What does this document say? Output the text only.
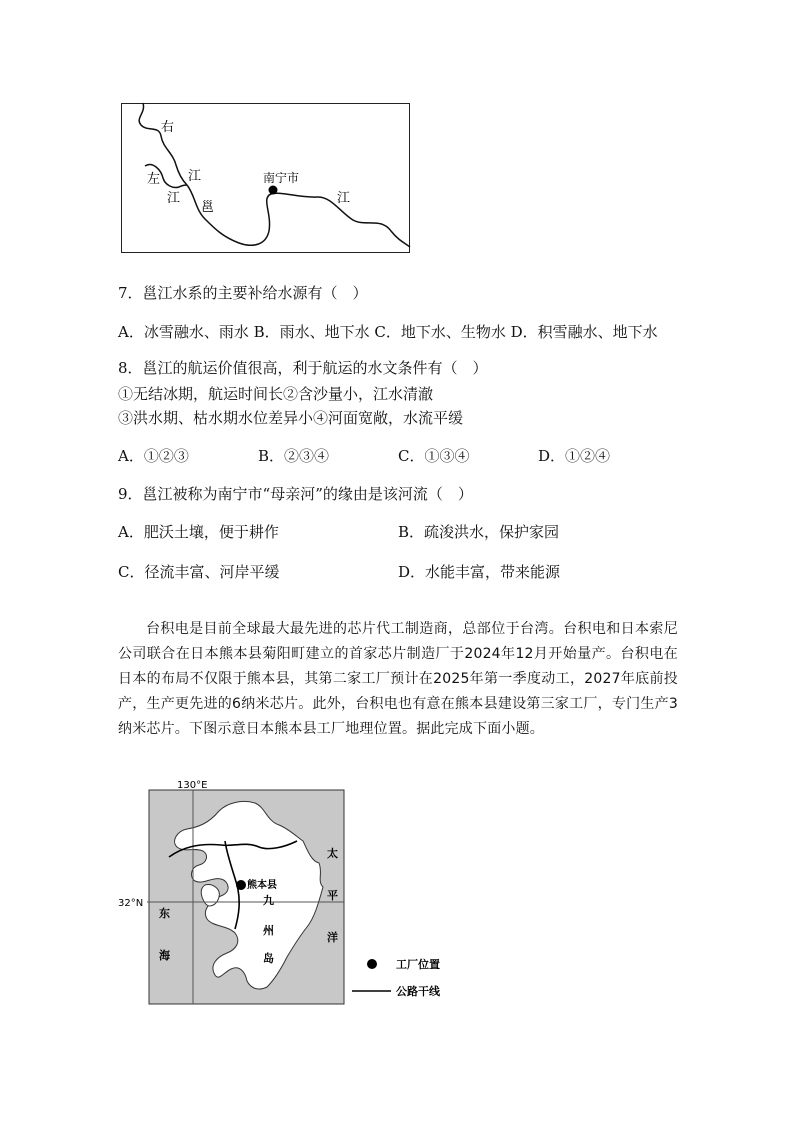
右
左 江
江
邕
南宁市
江
7．邕江水系的主要补给水源有（　）
A．冰雪融水、雨水 B．雨水、地下水 C．地下水、生物水 D．积雪融水、地下水
8．邕江的航运价值很高，利于航运的水文条件有（　）
①无结冰期，航运时间长②含沙量小，江水清澈
③洪水期、枯水期水位差异小④河面宽敞，水流平缓
A．①②③	B．②③④	C．①③④	D．①②④
9．邕江被称为南宁市“母亲河”的缘由是该河流（　）
A．肥沃土壤，便于耕作	B．疏浚洪水，保护家园
C．径流丰富、河岸平缓	D．水能丰富，带来能源
台积电是目前全球最大最先进的芯片代工制造商，总部位于台湾。台积电和日本索尼公司联合在日本熊本县菊阳町建立的首家芯片制造厂于2024年12月开始量产。台积电在日本的布局不仅限于熊本县，其第二家工厂预计在2025年第一季度动工，2027年底前投产，生产更先进的6纳米芯片。此外，台积电也有意在熊本县建设第三家工厂，专门生产3纳米芯片。下图示意日本熊本县工厂地理位置。据此完成下面小题。
130°E
32°N
熊本县
东
海
太
平
洋
九
州
岛	工厂位置
公路干线
